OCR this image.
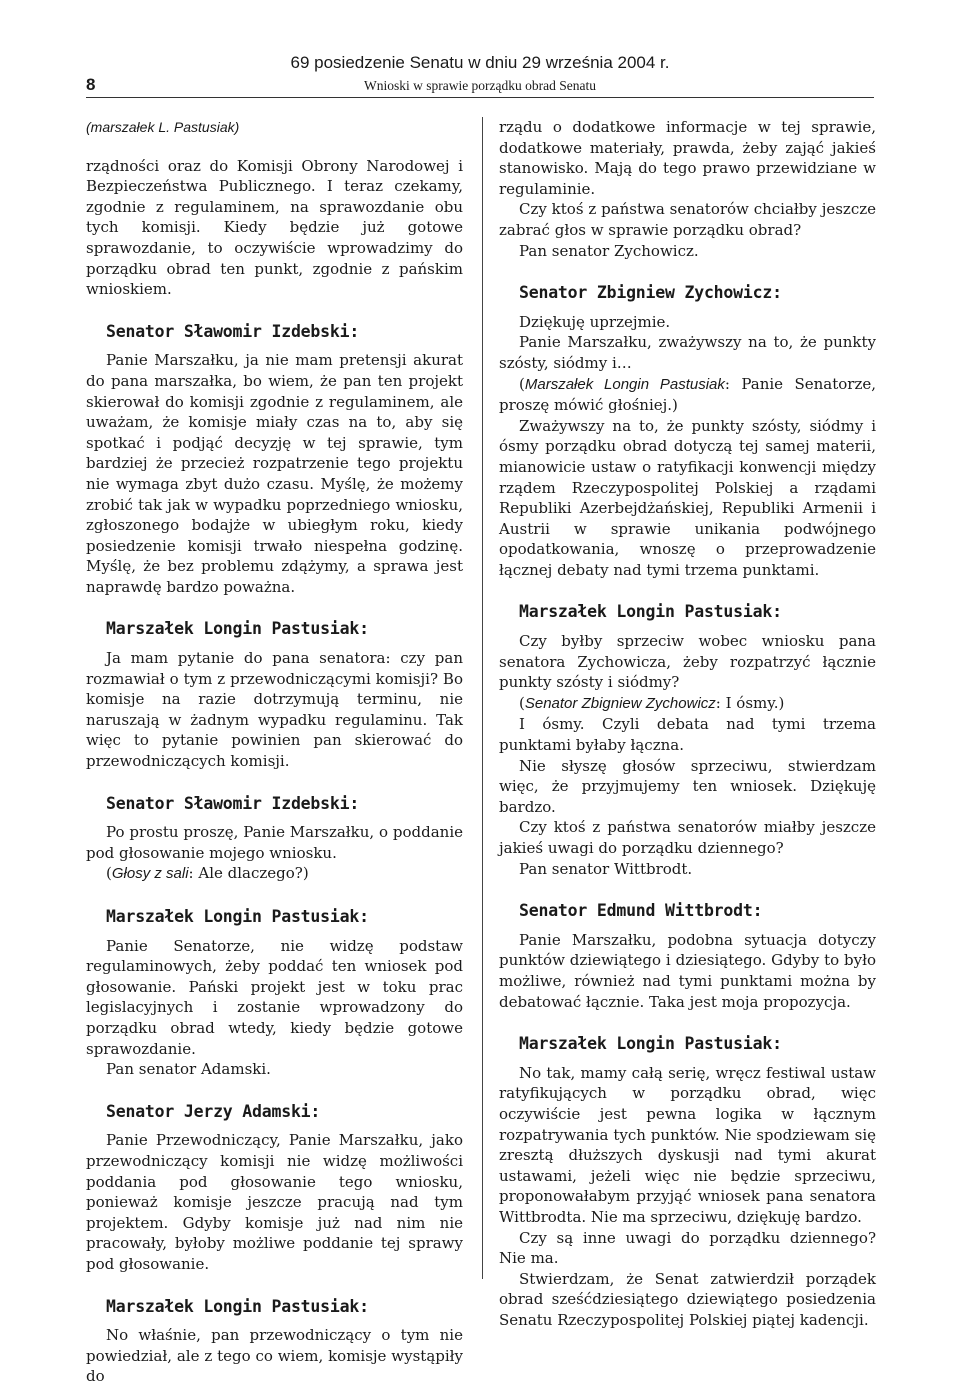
8
69 posiedzenie Senatu w dniu 29 września 2004 r.
Wnioski w sprawie porządku obrad Senatu

(marszałek L. Pastusiak)

rządności oraz do Komisji Obrony Narodowej i Bezpieczeństwa Publicznego. I teraz czekamy, zgodnie z regulaminem, na sprawozdanie obu tych komisji. Kiedy będzie już gotowe sprawozdanie, to oczywiście wprowadzimy do porządku obrad ten punkt, zgodnie z pańskim wnioskiem.

Senator Sławomir Izdebski:

Panie Marszałku, ja nie mam pretensji akurat do pana marszałka, bo wiem, że pan ten projekt skierował do komisji zgodnie z regulaminem, ale uważam, że komisje miały czas na to, aby się spotkać i podjąć decyzję w tej sprawie, tym bardziej że przecież rozpatrzenie tego projektu nie wymaga zbyt dużo czasu. Myślę, że możemy zrobić tak jak w wypadku poprzedniego wniosku, zgłoszonego bodajże w ubiegłym roku, kiedy posiedzenie komisji trwało niespełna godzinę. Myślę, że bez problemu zdążymy, a sprawa jest naprawdę bardzo poważna.

Marszałek Longin Pastusiak:

Ja mam pytanie do pana senatora: czy pan rozmawiał o tym z przewodniczącymi komisji? Bo komisje na razie dotrzymują terminu, nie naruszają w żadnym wypadku regulaminu. Tak więc to pytanie powinien pan skierować do przewodniczących komisji.

Senator Sławomir Izdebski:

Po prostu proszę, Panie Marszałku, o poddanie pod głosowanie mojego wniosku.

(Głosy z sali: Ale dlaczego?)

Marszałek Longin Pastusiak:

Panie Senatorze, nie widzę podstaw regulaminowych, żeby poddać ten wniosek pod głosowanie. Pański projekt jest w toku prac legislacyjnych i zostanie wprowadzony do porządku obrad wtedy, kiedy będzie gotowe sprawozdanie.

Pan senator Adamski.

Senator Jerzy Adamski:

Panie Przewodniczący, Panie Marszałku, jako przewodniczący komisji nie widzę możliwości poddania pod głosowanie tego wniosku, ponieważ komisje jeszcze pracują nad tym projektem. Gdyby komisje już nad nim nie pracowały, byłoby możliwe poddanie tej sprawy pod głosowanie.

Marszałek Longin Pastusiak:

No właśnie, pan przewodniczący o tym nie powiedział, ale z tego co wiem, komisje wystąpiły do

rządu o dodatkowe informacje w tej sprawie, dodatkowe materiały, prawda, żeby zająć jakieś stanowisko. Mają do tego prawo przewidziane w regulaminie.

Czy ktoś z państwa senatorów chciałby jeszcze zabrać głos w sprawie porządku obrad?

Pan senator Zychowicz.

Senator Zbigniew Zychowicz:

Dziękuję uprzejmie.

Panie Marszałku, zważywszy na to, że punkty szósty, siódmy i…

(Marszałek Longin Pastusiak: Panie Senatorze, proszę mówić głośniej.)

Zważywszy na to, że punkty szósty, siódmy i ósmy porządku obrad dotyczą tej samej materii, mianowicie ustaw o ratyfikacji konwencji między rządem Rzeczypospolitej Polskiej a rządami Republiki Azerbejdżańskiej, Republiki Armenii i Austrii w sprawie unikania podwójnego opodatkowania, wnoszę o przeprowadzenie łącznej debaty nad tymi trzema punktami.

Marszałek Longin Pastusiak:

Czy byłby sprzeciw wobec wniosku pana senatora Zychowicza, żeby rozpatrzyć łącznie punkty szósty i siódmy?

(Senator Zbigniew Zychowicz: I ósmy.)

I ósmy. Czyli debata nad tymi trzema punktami byłaby łączna.

Nie słyszę głosów sprzeciwu, stwierdzam więc, że przyjmujemy ten wniosek. Dziękuję bardzo.

Czy ktoś z państwa senatorów miałby jeszcze jakieś uwagi do porządku dziennego?

Pan senator Wittbrodt.

Senator Edmund Wittbrodt:

Panie Marszałku, podobna sytuacja dotyczy punktów dziewiątego i dziesiątego. Gdyby to było możliwe, również nad tymi punktami można by debatować łącznie. Taka jest moja propozycja.

Marszałek Longin Pastusiak:

No tak, mamy całą serię, wręcz festiwal ustaw ratyfikujących w porządku obrad, więc oczywiście jest pewna logika w łącznym rozpatrywania tych punktów. Nie spodziewam się zresztą dłuższych dyskusji nad tymi akurat ustawami, jeżeli więc nie będzie sprzeciwu, proponowałabym przyjąć wniosek pana senatora Wittbrodta. Nie ma sprzeciwu, dziękuję bardzo.

Czy są inne uwagi do porządku dziennego? Nie ma.

Stwierdzam, że Senat zatwierdził porządek obrad sześćdziesiątego dziewiątego posiedzenia Senatu Rzeczypospolitej Polskiej piątej kadencji.
